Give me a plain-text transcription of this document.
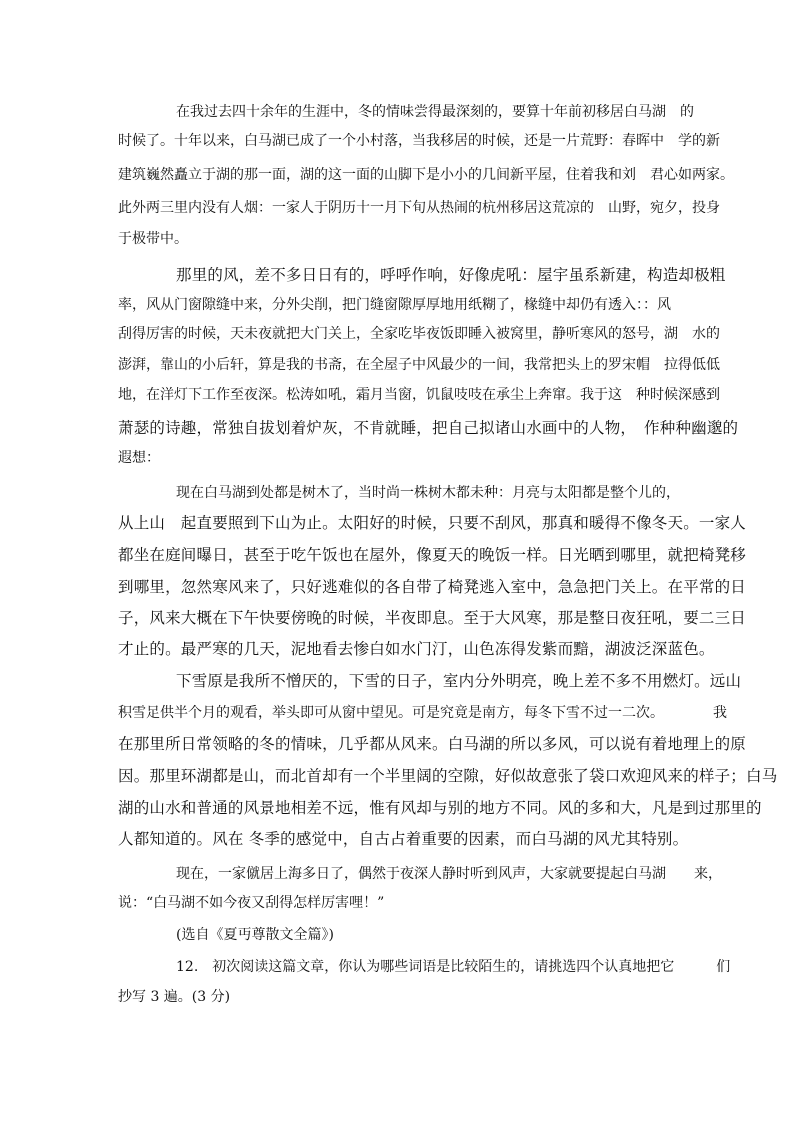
在我过去四十余年的生涯中，冬的情味尝得最深刻的，要算十年前初移居白马湖　的
时候了。十年以来，白马湖已成了一个小村落，当我移居的时候，还是一片荒野：春晖中　学的新
建筑巍然矗立于湖的那一面，湖的这一面的山脚下是小小的几间新平屋，住着我和刘　君心如两家。
此外两三里内没有人烟：一家人于阴历十一月下旬从热闹的杭州移居这荒凉的　山野，宛夕，投身
于极带中。
那里的风，差不多日日有的，呼呼作响，好像虎吼：屋宇虽系新建，构造却极粗
率，风从门窗隙缝中来，分外尖削，把门缝窗隙厚厚地用纸糊了，椽缝中却仍有透入：：风
刮得厉害的时候，天未夜就把大门关上，全家吃毕夜饭即睡入被窝里，静听寒风的怒号，湖　水的
澎湃，靠山的小后轩，算是我的书斋，在全屋子中风最少的一间，我常把头上的罗宋帽　拉得低低
地，在洋灯下工作至夜深。松涛如吼，霜月当窗，饥鼠吱吱在承尘上奔窜。我于这　种时候深感到
萧瑟的诗趣，常独自拔划着炉灰，不肯就睡，把自己拟诸山水画中的人物，　作种种幽邈的
遐想：
现在白马湖到处都是树木了，当时尚一株树木都未种：月亮与太阳都是整个儿的，
从上山　起直要照到下山为止。太阳好的时候，只要不刮风，那真和暖得不像冬天。一家人
都坐在庭间曝日，甚至于吃午饭也在屋外，像夏天的晚饭一样。日光晒到哪里，就把椅凳移
到哪里，忽然寒风来了，只好逃难似的各自带了椅凳逃入室中，急急把门关上。在平常的日
子，风来大概在下午快要傍晚的时候，半夜即息。至于大风寒，那是整日夜狂吼，要二三日
才止的。最严寒的几天，泥地看去惨白如水门汀，山色冻得发紫而黯，湖波泛深蓝色。
下雪原是我所不憎厌的，下雪的日子，室内分外明亮，晚上差不多不用燃灯。远山
积雪足供半个月的观看，举头即可从窗中望见。可是究竟是南方，每冬下雪不过一二次。　　　　我
在那里所日常领略的冬的情味，几乎都从风来。白马湖的所以多风，可以说有着地理上的原
因。那里环湖都是山，而北首却有一个半里阔的空隙，好似故意张了袋口欢迎风来的样子；白马
湖的山水和普通的风景地相差不远，惟有风却与别的地方不同。风的多和大，凡是到过那里的
人都知道的。风在 冬季的感觉中，自古占着重要的因素，而白马湖的风尤其特别。
现在，一家僦居上海多日了，偶然于夜深人静时听到风声，大家就要提起白马湖　　来，
说：“白马湖不如今夜又刮得怎样厉害哩！”
(选自《夏丏尊散文全篇》)
12.　初次阅读这篇文章，你认为哪些词语是比较陌生的，请挑选四个认真地把它　　　们
抄写 3 遍。(3 分)
